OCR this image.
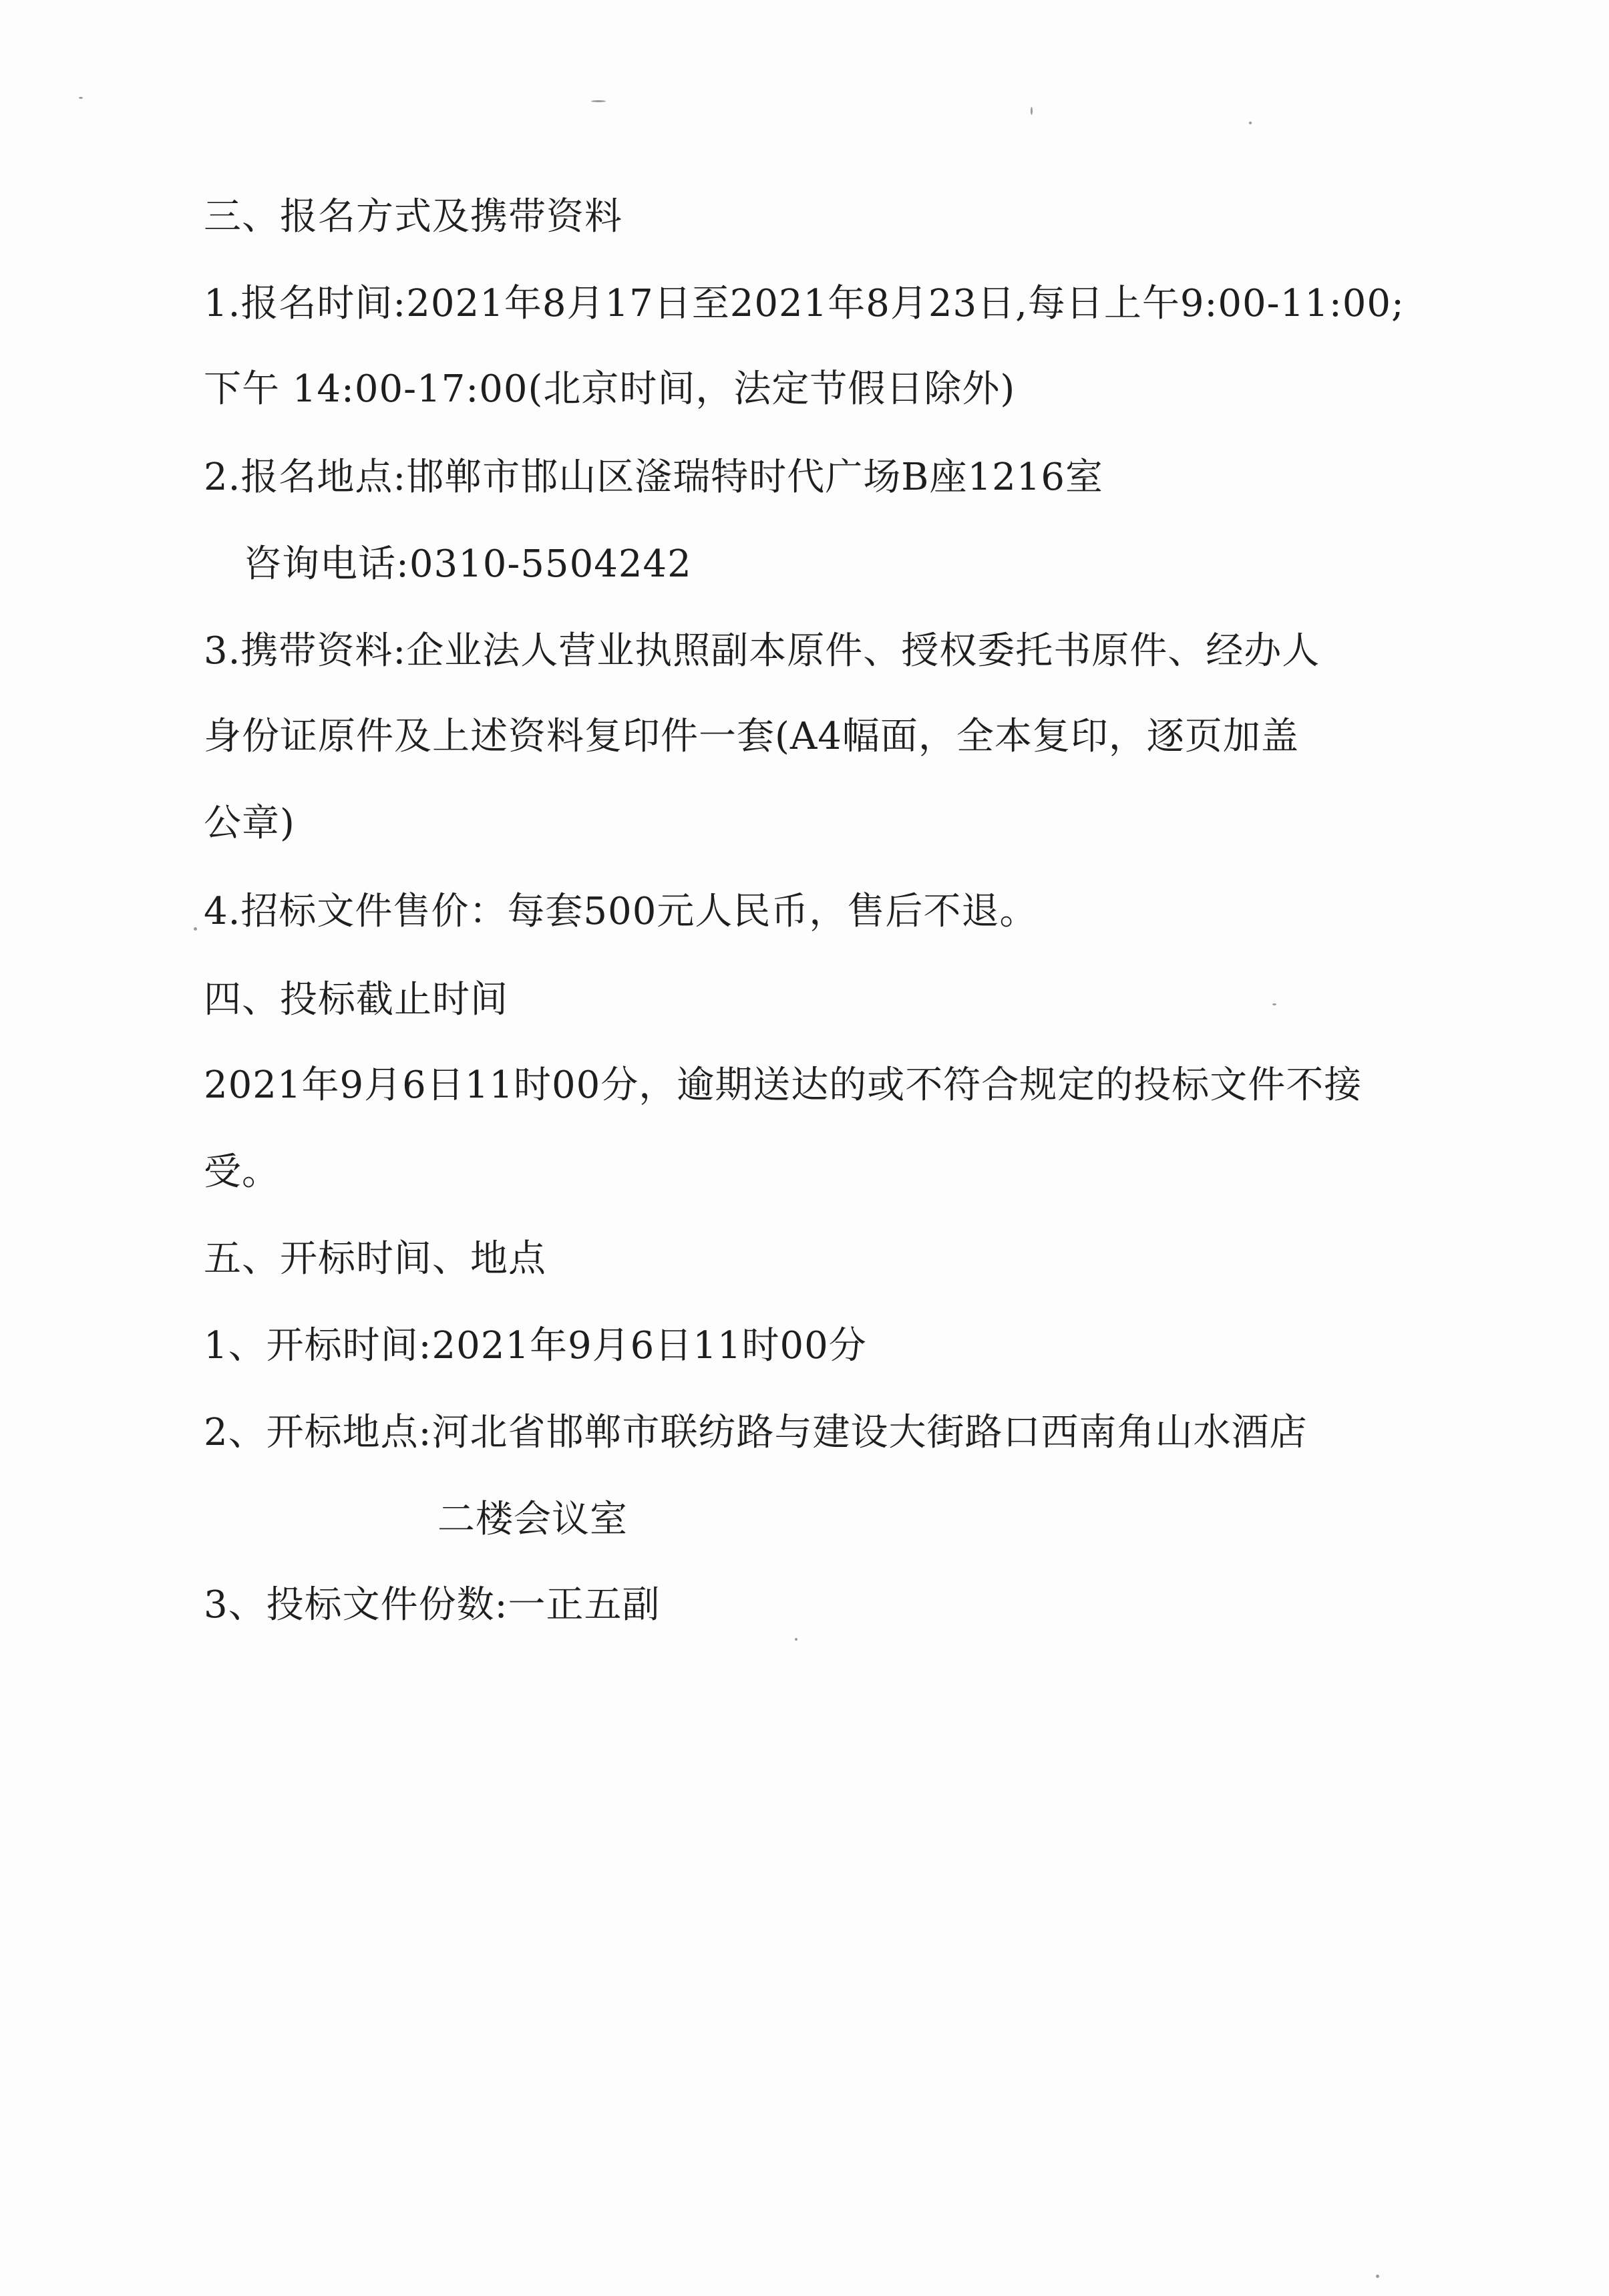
三、报名方式及携带资料
1.报名时间:2021年8月17日至2021年8月23日,每日上午9:00-11:00;
下午 14:00-17:00(北京时间，法定节假日除外)
2.报名地点:邯郸市邯山区滏瑞特时代广场B座1216室
咨询电话:0310-5504242
3.携带资料:企业法人营业执照副本原件、授权委托书原件、经办人
身份证原件及上述资料复印件一套(A4幅面，全本复印，逐页加盖
公章)
4.招标文件售价：每套500元人民币，售后不退。
四、投标截止时间
2021年9月6日11时00分，逾期送达的或不符合规定的投标文件不接
受。
五、开标时间、地点
1、开标时间:2021年9月6日11时00分
2、开标地点:河北省邯郸市联纺路与建设大街路口西南角山水酒店
二楼会议室
3、投标文件份数:一正五副
